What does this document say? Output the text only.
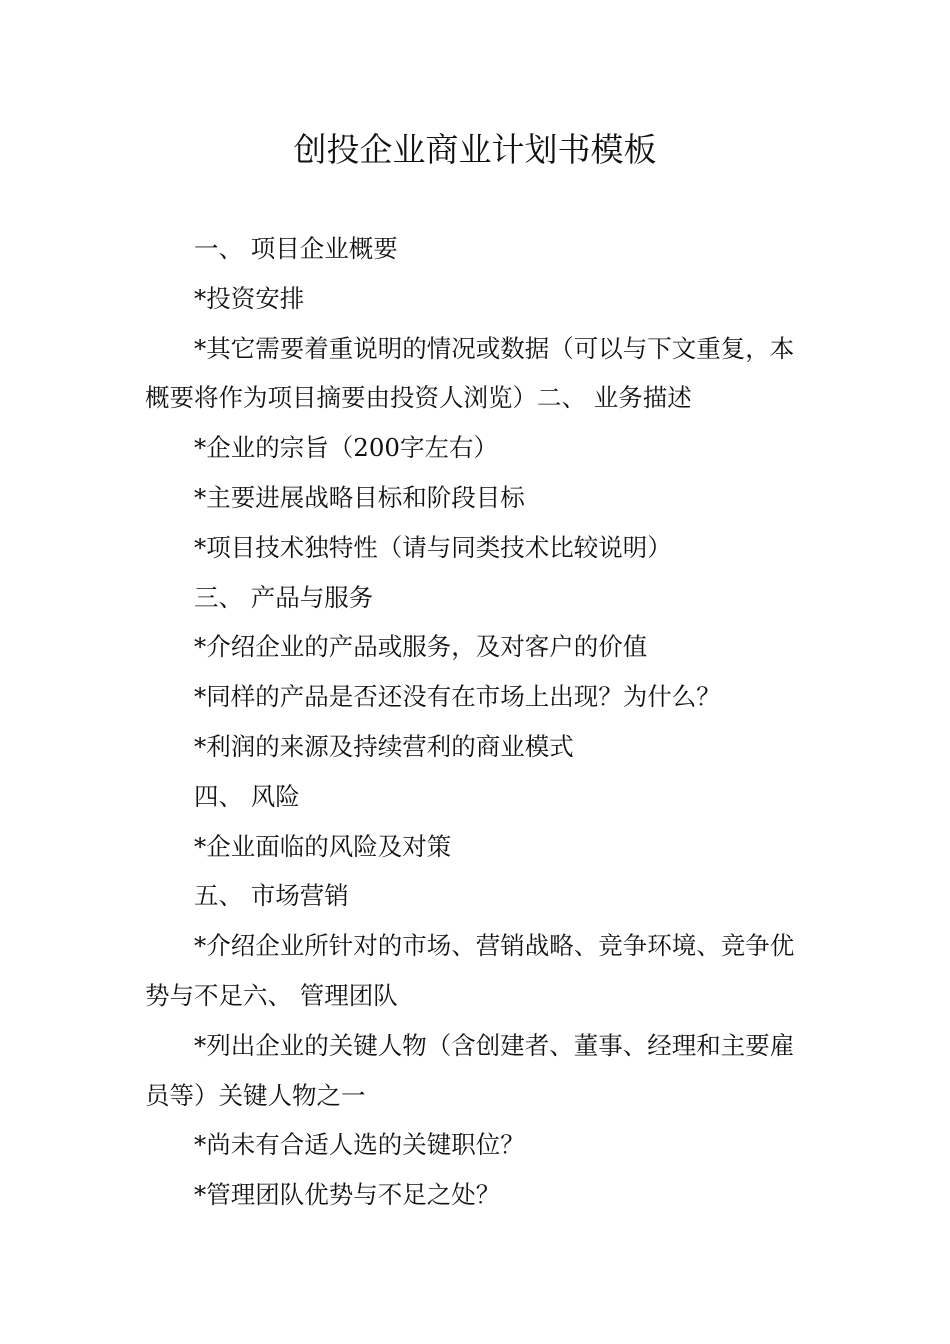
创投企业商业计划书模板

一、 项目企业概要

*投资安排

*其它需要着重说明的情况或数据（可以与下文重复，本概要将作为项目摘要由投资人浏览）二、 业务描述

*企业的宗旨（200字左右）

*主要进展战略目标和阶段目标

*项目技术独特性（请与同类技术比较说明）

三、 产品与服务

*介绍企业的产品或服务，及对客户的价值

*同样的产品是否还没有在市场上出现？为什么？

*利润的来源及持续营利的商业模式

四、 风险

*企业面临的风险及对策

五、 市场营销

*介绍企业所针对的市场、营销战略、竞争环境、竞争优势与不足六、 管理团队

*列出企业的关键人物（含创建者、董事、经理和主要雇员等）关键人物之一

*尚未有合适人选的关键职位？

*管理团队优势与不足之处？
